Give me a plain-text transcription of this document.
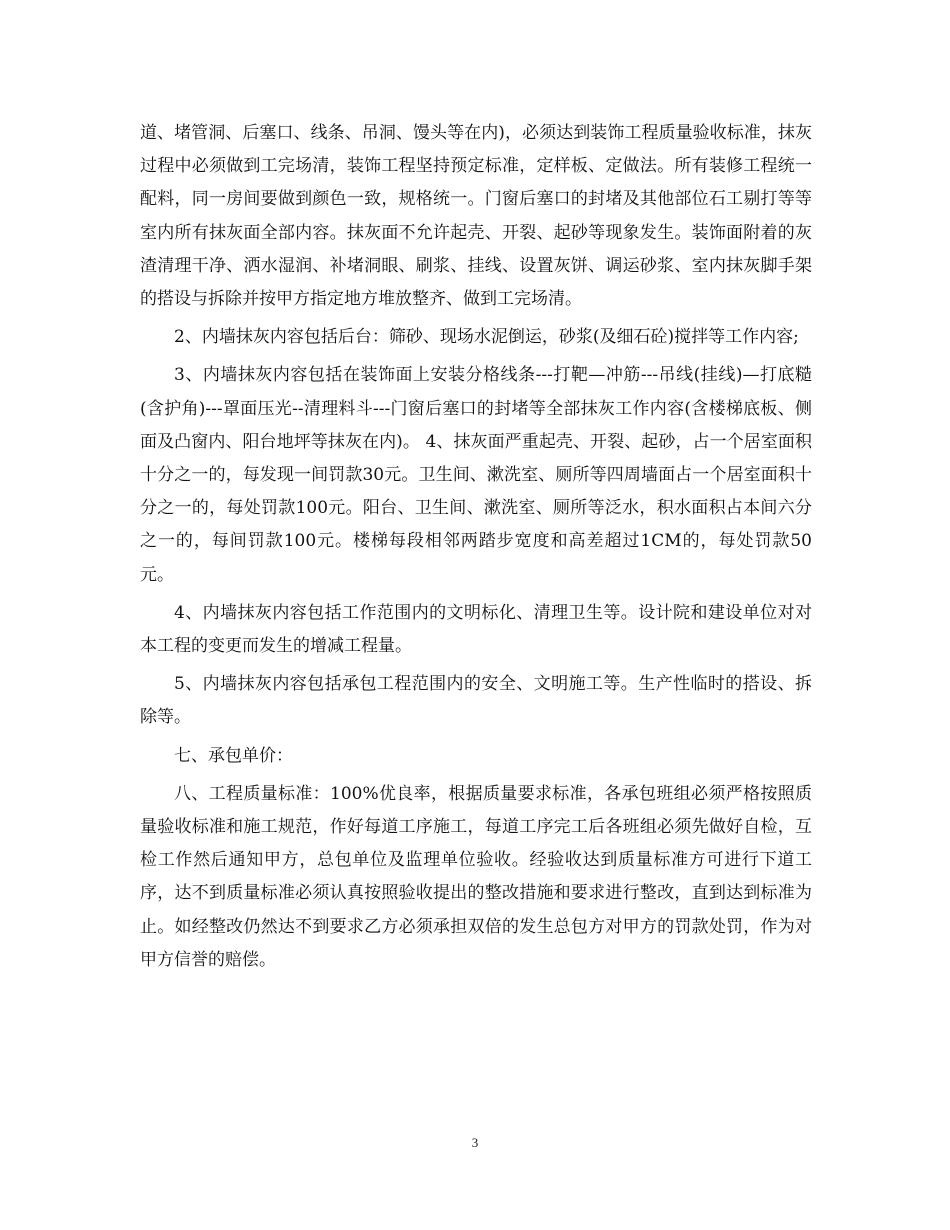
道、堵管洞、后塞口、线条、吊洞、馒头等在内)，必须达到装饰工程质量验收标准，抹灰过程中必须做到工完场清，装饰工程坚持预定标准，定样板、定做法。所有装修工程统一配料，同一房间要做到颜色一致，规格统一。门窗后塞口的封堵及其他部位石工剔打等等室内所有抹灰面全部内容。抹灰面不允许起壳、开裂、起砂等现象发生。装饰面附着的灰渣清理干净、洒水湿润、补堵洞眼、刷浆、挂线、设置灰饼、调运砂浆、室内抹灰脚手架的搭设与拆除并按甲方指定地方堆放整齐、做到工完场清。

2、内墙抹灰内容包括后台：筛砂、现场水泥倒运，砂浆(及细石砼)搅拌等工作内容;

3、内墙抹灰内容包括在装饰面上安装分格线条---打靶—冲筋---吊线(挂线)—打底糙(含护角)---罩面压光--清理料斗---门窗后塞口的封堵等全部抹灰工作内容(含楼梯底板、侧面及凸窗内、阳台地坪等抹灰在内)。 4、抹灰面严重起壳、开裂、起砂，占一个居室面积十分之一的，每发现一间罚款30元。卫生间、漱洗室、厕所等四周墙面占一个居室面积十分之一的，每处罚款100元。阳台、卫生间、漱洗室、厕所等泛水，积水面积占本间六分之一的，每间罚款100元。楼梯每段相邻两踏步宽度和高差超过1CM的，每处罚款50元。

4、内墙抹灰内容包括工作范围内的文明标化、清理卫生等。设计院和建设单位对对本工程的变更而发生的增减工程量。

5、内墙抹灰内容包括承包工程范围内的安全、文明施工等。生产性临时的搭设、拆除等。

七、承包单价：

八、工程质量标准：100%优良率，根据质量要求标准，各承包班组必须严格按照质量验收标准和施工规范，作好每道工序施工，每道工序完工后各班组必须先做好自检，互检工作然后通知甲方，总包单位及监理单位验收。经验收达到质量标准方可进行下道工序，达不到质量标准必须认真按照验收提出的整改措施和要求进行整改，直到达到标准为止。如经整改仍然达不到要求乙方必须承担双倍的发生总包方对甲方的罚款处罚，作为对甲方信誉的赔偿。

3
